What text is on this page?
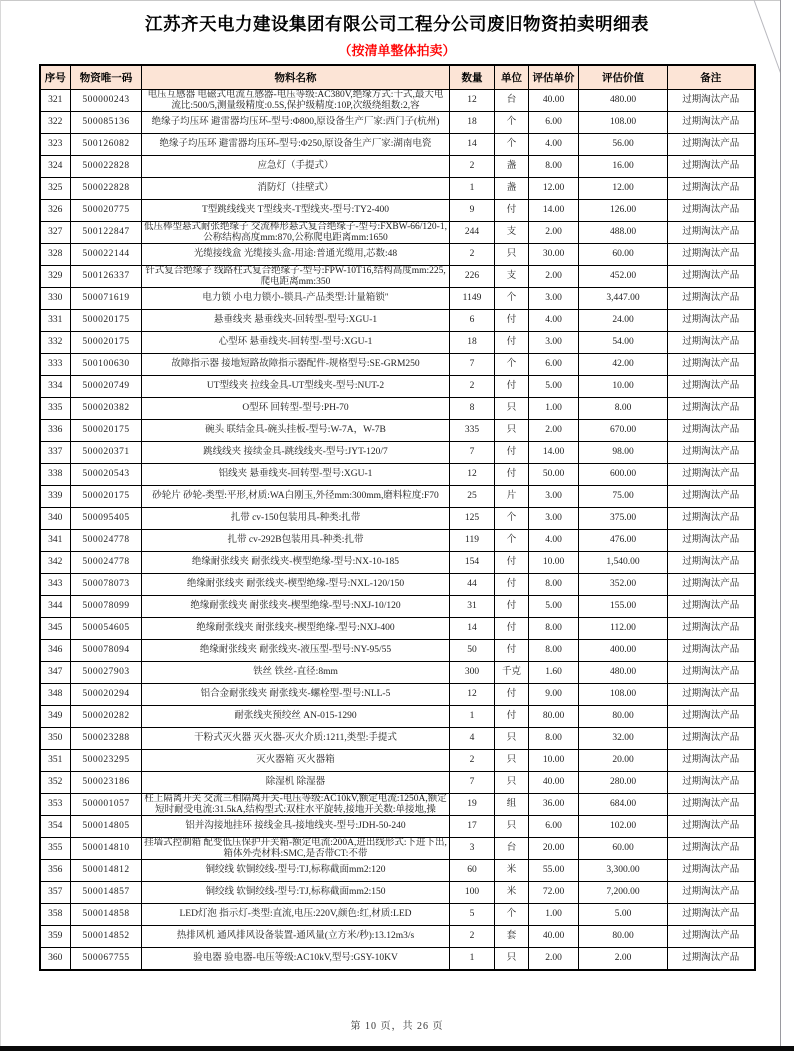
江苏齐天电力建设集团有限公司工程分公司废旧物资拍卖明细表
（按清单整体拍卖）
序号	物资唯一码	物料名称	数量	单位	评估单价	评估价值	备注
321	500000243	电压互感器 电磁式电流互感器-电压等级:AC380V,绝缘方式:干式,最大电流比:500/5,测量级精度:0.5S,保护级精度:10P,次级绕组数:2,容	12	台	40.00	480.00	过期淘汰产品
322	500085136	绝缘子均压环 避雷器均压环-型号:Φ800,原设备生产厂家:西门子(杭州)	18	个	6.00	108.00	过期淘汰产品
323	500126082	绝缘子均压环 避雷器均压环-型号:Φ250,原设备生产厂家:湖南电瓷	14	个	4.00	56.00	过期淘汰产品
324	500022828	应急灯（手提式）	2	盏	8.00	16.00	过期淘汰产品
325	500022828	消防灯（挂壁式）	1	盏	12.00	12.00	过期淘汰产品
326	500020775	T型跳线线夹 T型线夹-T型线夹-型号:TY2-400	9	付	14.00	126.00	过期淘汰产品
327	500122847	低压棒型悬式耐张绝缘子 交流棒形悬式复合绝缘子-型号:FXBW-66/120-1,公称结构高度mm:870,公称爬电距离mm:1650	244	支	2.00	488.00	过期淘汰产品
328	500022144	光缆接线盒 光缆接头盒-用途:普通光缆用,芯数:48	2	只	30.00	60.00	过期淘汰产品
329	500126337	针式复合绝缘子 线路柱式复合绝缘子-型号:FPW-10T16,结构高度mm:225,爬电距离mm:350	226	支	2.00	452.00	过期淘汰产品
330	500071619	电力锁 小电力锁小-锁具-产品类型:计量箱锁"	1149	个	3.00	3,447.00	过期淘汰产品
331	500020175	悬垂线夹 悬垂线夹-回转型-型号:XGU-1	6	付	4.00	24.00	过期淘汰产品
332	500020175	心型环 悬垂线夹-回转型-型号:XGU-1	18	付	3.00	54.00	过期淘汰产品
333	500100630	故障指示器 接地短路故障指示器配件-规格型号:SE-GRM250	7	个	6.00	42.00	过期淘汰产品
334	500020749	UT型线夹 拉线金具-UT型线夹-型号:NUT-2	2	付	5.00	10.00	过期淘汰产品
335	500020382	O型环 回转型-型号:PH-70	8	只	1.00	8.00	过期淘汰产品
336	500020175	碗头 联结金具-碗头挂板-型号:W-7A，W-7B	335	只	2.00	670.00	过期淘汰产品
337	500020371	跳线线夹 接续金具-跳线线夹-型号:JYT-120/7	7	付	14.00	98.00	过期淘汰产品
338	500020543	铝线夹 悬垂线夹-回转型-型号:XGU-1	12	付	50.00	600.00	过期淘汰产品
339	500020175	砂轮片 砂轮-类型:平形,材质:WA白刚玉,外径mm:300mm,磨料粒度:F70	25	片	3.00	75.00	过期淘汰产品
340	500095405	扎带 cv-150包装用具-种类:扎带	125	个	3.00	375.00	过期淘汰产品
341	500024778	扎带 cv-292B包装用具-种类:扎带	119	个	4.00	476.00	过期淘汰产品
342	500024778	绝缘耐张线夹 耐张线夹-楔型绝缘-型号:NX-10-185	154	付	10.00	1,540.00	过期淘汰产品
343	500078073	绝缘耐张线夹 耐张线夹-楔型绝缘-型号:NXL-120/150	44	付	8.00	352.00	过期淘汰产品
344	500078099	绝缘耐张线夹 耐张线夹-楔型绝缘-型号:NXJ-10/120	31	付	5.00	155.00	过期淘汰产品
345	500054605	绝缘耐张线夹 耐张线夹-楔型绝缘-型号:NXJ-400	14	付	8.00	112.00	过期淘汰产品
346	500078094	绝缘耐张线夹 耐张线夹-液压型-型号:NY-95/55	50	付	8.00	400.00	过期淘汰产品
347	500027903	铁丝 铁丝-直径:8mm	300	千克	1.60	480.00	过期淘汰产品
348	500020294	铝合金耐张线夹 耐张线夹-螺栓型-型号:NLL-5	12	付	9.00	108.00	过期淘汰产品
349	500020282	耐张线夹预绞丝 AN-015-1290	1	付	80.00	80.00	过期淘汰产品
350	500023288	干粉式灭火器 灭火器-灭火介质:1211,类型:手提式	4	只	8.00	32.00	过期淘汰产品
351	500023295	灭火器箱 灭火器箱	2	只	10.00	20.00	过期淘汰产品
352	500023186	除湿机 除湿器	7	只	40.00	280.00	过期淘汰产品
353	500001057	柱上隔离开关 交流三相隔离开关-电压等级:AC10kV,额定电流:1250A,额定短时耐受电流:31.5kA,结构型式:双柱水平旋转,接地开关数:单接地,操	19	组	36.00	684.00	过期淘汰产品
354	500014805	铝并沟接地挂环 接线金具-接地线夹-型号:JDH-50-240	17	只	6.00	102.00	过期淘汰产品
355	500014810	挂墙式控制箱 配变低压保护开关箱-额定电流:200A,进出线形式:下进下出,箱体外壳材料:SMC,是否带CT:不带	3	台	20.00	60.00	过期淘汰产品
356	500014812	铜绞线 软铜绞线-型号:TJ,标称截面mm2:120	60	米	55.00	3,300.00	过期淘汰产品
357	500014857	铜绞线 软铜绞线-型号:TJ,标称截面mm2:150	100	米	72.00	7,200.00	过期淘汰产品
358	500014858	LED灯泡 指示灯-类型:直流,电压:220V,颜色:红,材质:LED	5	个	1.00	5.00	过期淘汰产品
359	500014852	热排风机 通风排风设备装置-通风量(立方米/秒):13.12m3/s	2	套	40.00	80.00	过期淘汰产品
360	500067755	验电器 验电器-电压等级:AC10kV,型号:GSY-10KV	1	只	2.00	2.00	过期淘汰产品
第 10 页，共 26 页
